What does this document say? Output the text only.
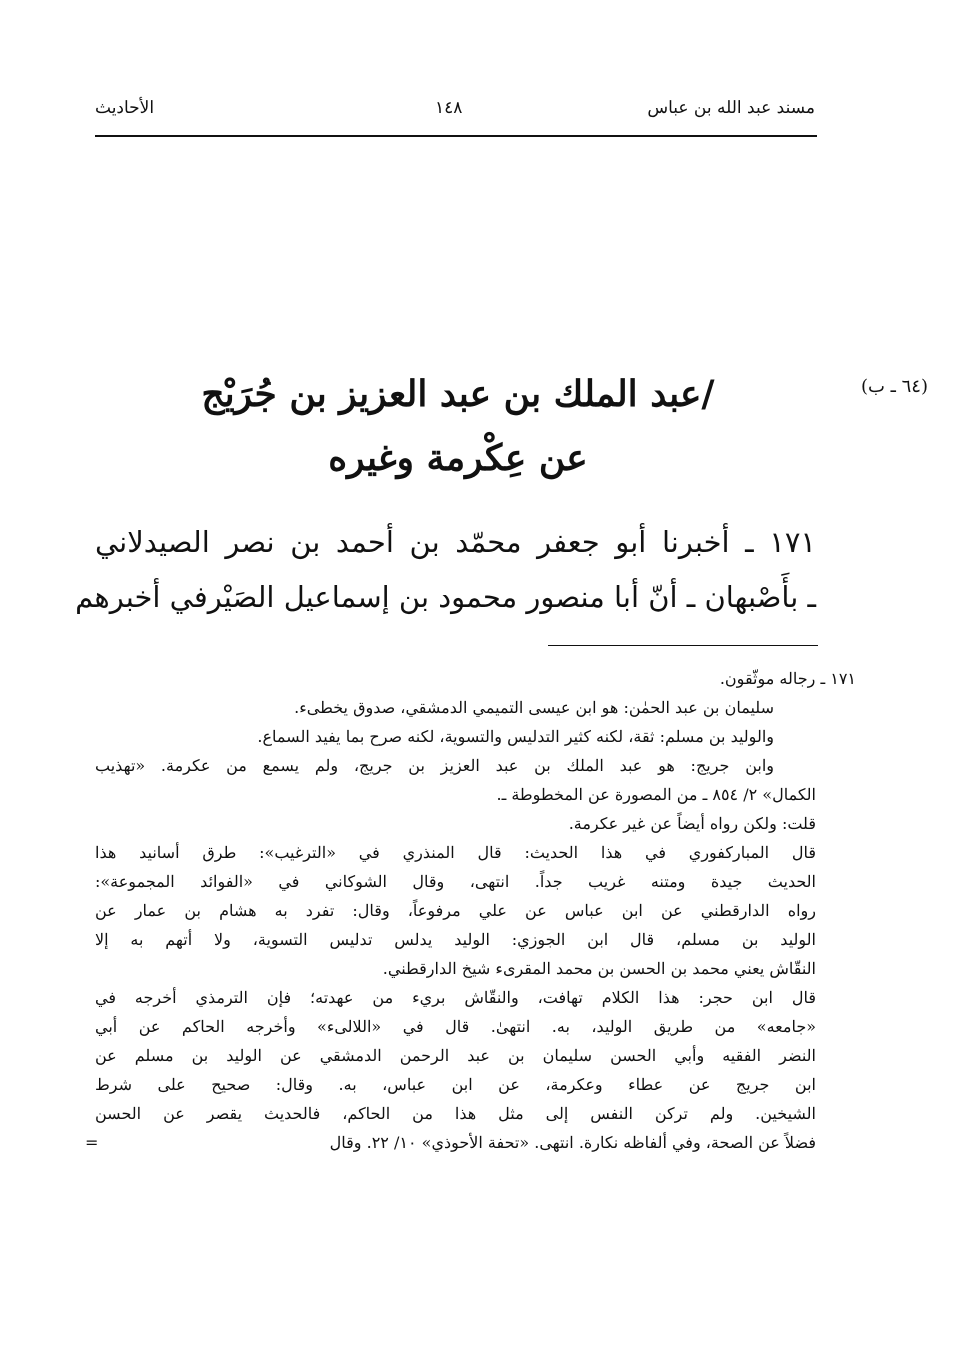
مسند عبد الله بن عباس
١٤٨
الأحاديث
(٦٤ ـ ب)
/عبد الملك بن عبد العزيز بن جُرَيْج
عن عِكْرمة وغيره
١٧١ ـ أخبرنا أبو جعفر محمّد بن أحمد بن نصر الصيدلاني
ـ بأَصْبهان ـ أنّ أبا منصور محمود بن إسماعيل الصَيْرفي أخبرهم
١٧١ ـ رجاله موثّقون.
سليمان بن عبد الحمٰن: هو ابن عيسى التميمي الدمشقي، صدوق يخطىء.
والوليد بن مسلم: ثقة، لكنه كثير التدليس والتسوية، لكنه صرح بما يفيد السماع.
وابن جريج: هو عبد الملك بن عبد العزيز بن جريج، ولم يسمع من عكرمة. «تهذيب
الكمال» ٢/ ٨٥٤ ـ من المصورة عن المخطوطة ـ.
قلت: ولكن رواه أيضاً عن غير عكرمة.
قال المباركفوري في هذا الحديث: قال المنذري في «الترغيب»: طرق أسانيد هذا
الحديث جيدة ومتنه غريب جداً. انتهى، وقال الشوكاني في «الفوائد المجموعة»:
رواه الدارقطني عن ابن عباس عن علي مرفوعاً، وقال: تفرد به هشام بن عمار عن
الوليد بن مسلم، قال ابن الجوزي: الوليد يدلس تدليس التسوية، ولا أتهم به إلا
النقّاش يعني محمد بن الحسن بن محمد المقرىء شيخ الدارقطني.
قال ابن حجر: هذا الكلام تهافت، والنقّاش بريء من عهدته؛ فإن الترمذي أخرجه في
«جامعه» من طريق الوليد، به. انتهىٰ. قال في «اللالىء» وأخرجه الحاكم عن أبي
النضر الفقيه وأبي الحسن سليمان بن عبد الرحمن الدمشقي عن الوليد بن مسلم عن
ابن جريج عن عطاء وعكرمة، عن ابن عباس، به. وقال: صحيح على شرط
الشيخين. ولم تركن النفس إلى مثل هذا من الحاكم، فالحديث يقصر عن الحسن
فضلاً عن الصحة، وفي ألفاظه نكارة. انتهى. «تحفة الأحوذي» ١٠/ ٢٢. وقال
=
